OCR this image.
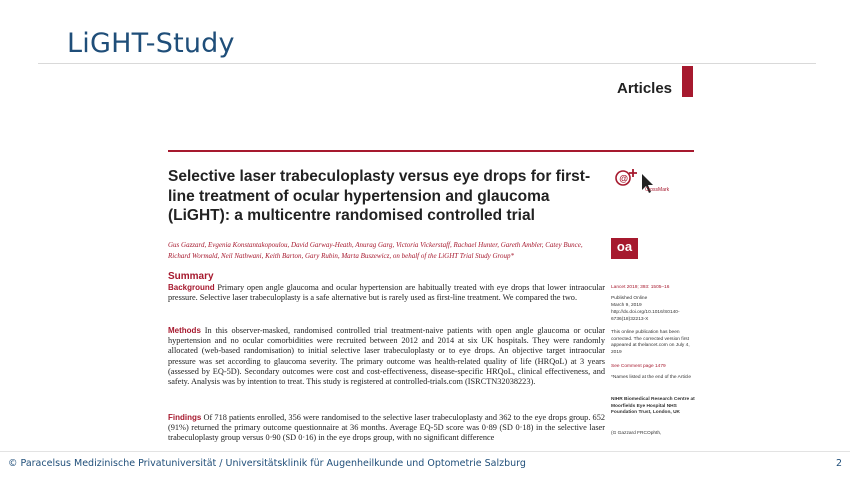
LiGHT-Study
Articles
Selective laser trabeculoplasty versus eye drops for first-line treatment of ocular hypertension and glaucoma (LiGHT): a multicentre randomised controlled trial
@
CrossMark
Gus Gazzard, Evgenia Konstantakopoulou, David Garway-Heath, Anurag Garg, Victoria Vickerstaff, Rachael Hunter, Gareth Ambler, Catey Bunce, Richard Wormald, Neil Nathwani, Keith Barton, Gary Rubin, Marta Buszewicz, on behalf of the LiGHT Trial Study Group*
oa
Summary
Background Primary open angle glaucoma and ocular hypertension are habitually treated with eye drops that lower intraocular pressure. Selective laser trabeculoplasty is a safe alternative but is rarely used as first-line treatment. We compared the two.
Methods In this observer-masked, randomised controlled trial treatment-naive patients with open angle glaucoma or ocular hypertension and no ocular comorbidities were recruited between 2012 and 2014 at six UK hospitals. They were randomly allocated (web-based randomisation) to initial selective laser trabeculoplasty or to eye drops. An objective target intraocular pressure was set according to glaucoma severity. The primary outcome was health-related quality of life (HRQoL) at 3 years (assessed by EQ-5D). Secondary outcomes were cost and cost-effectiveness, disease-specific HRQoL, clinical effectiveness, and safety. Analysis was by intention to treat. This study is registered at controlled-trials.com (ISRCTN32038223).
Findings Of 718 patients enrolled, 356 were randomised to the selective laser trabeculoplasty and 362 to the eye drops group. 652 (91%) returned the primary outcome questionnaire at 36 months. Average EQ-5D score was 0·89 (SD 0·18) in the selective laser trabeculoplasty group versus 0·90 (SD 0·16) in the eye drops group, with no significant difference
Lancet 2019; 393: 1505–16
Published Online
March 9, 2019
http://dx.doi.org/10.1016/S0140-6736(18)32213-X
This online publication has been corrected. The corrected version first appeared at thelancet.com on July 4, 2019
See Comment page 1479
*Names listed at the end of the Article
NIHR Biomedical Research Centre at Moorfields Eye Hospital NHS Foundation Trust, London, UK
(G Gazzard FRCOphth,
© Paracelsus Medizinische Privatuniversität / Universitätsklinik für Augenheilkunde und Optometrie Salzburg	2
